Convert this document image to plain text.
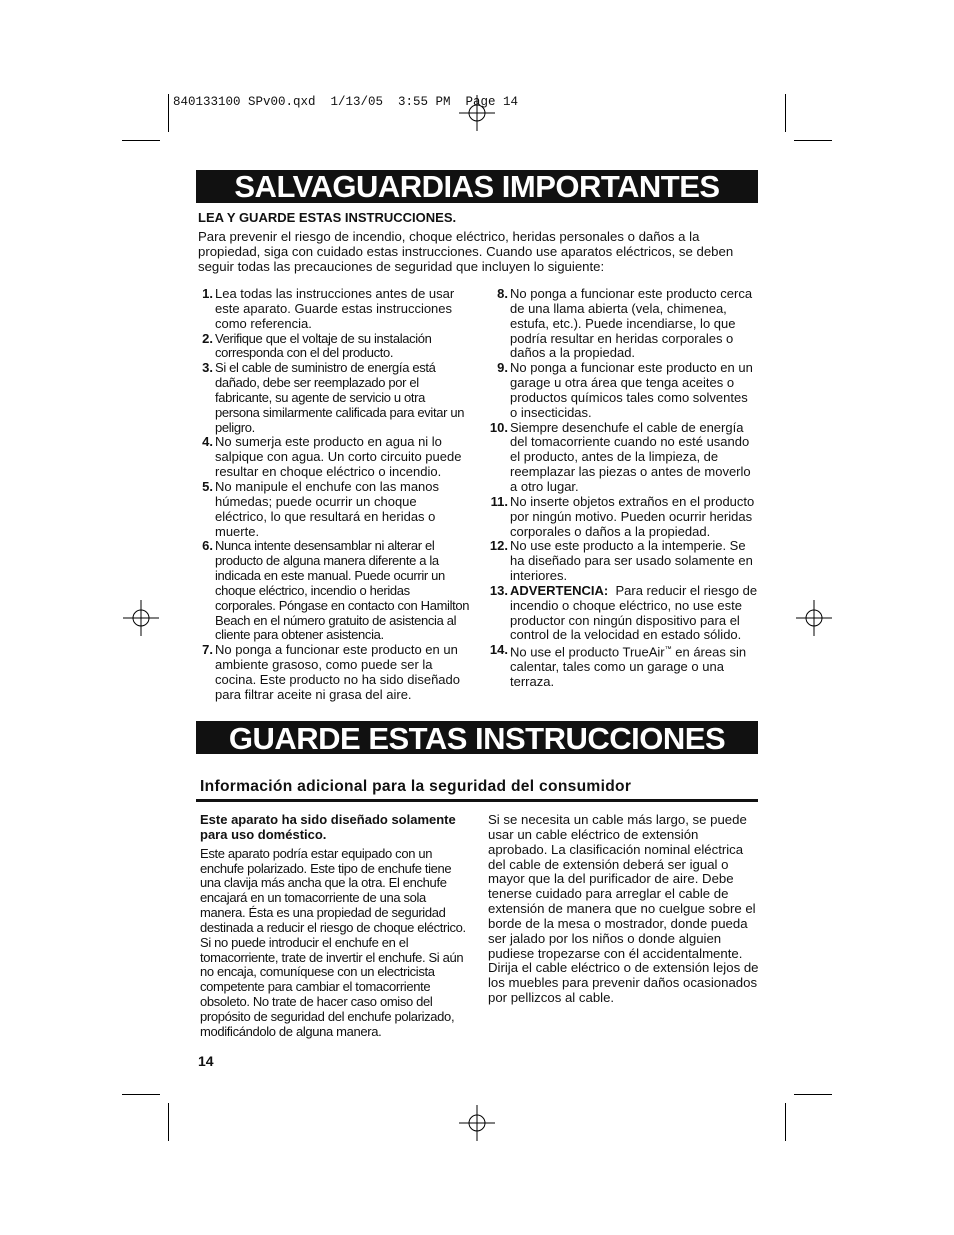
840133100 SPv00.qxd  1/13/05  3:55 PM  Page 14
SALVAGUARDIAS IMPORTANTES
LEA Y GUARDE ESTAS INSTRUCCIONES.
Para prevenir el riesgo de incendio, choque eléctrico, heridas personales o daños a la propiedad, siga con cuidado estas instrucciones. Cuando use aparatos eléctricos, se deben seguir todas las precauciones de seguridad que incluyen lo siguiente:
1. Lea todas las instrucciones antes de usar este aparato. Guarde estas instrucciones como referencia.
2. Verifique que el voltaje de su instalación corresponda con el del producto.
3. Si el cable de suministro de energía está dañado, debe ser reemplazado por el fabricante, su agente de servicio u otra persona similarmente calificada para evitar un peligro.
4. No sumerja este producto en agua ni lo salpique con agua. Un corto circuito puede resultar en choque eléctrico o incendio.
5. No manipule el enchufe con las manos húmedas; puede ocurrir un choque eléctrico, lo que resultará en heridas o muerte.
6. Nunca intente desensamblar ni alterar el producto de alguna manera diferente a la indicada en este manual. Puede ocurrir un choque eléctrico, incendio o heridas corporales. Póngase en contacto con Hamilton Beach en el número gratuito de asistencia al cliente para obtener asistencia.
7. No ponga a funcionar este producto en un ambiente grasoso, como puede ser la cocina. Este producto no ha sido diseñado para filtrar aceite ni grasa del aire.
8. No ponga a funcionar este producto cerca de una llama abierta (vela, chimenea, estufa, etc.). Puede incendiarse, lo que podría resultar en heridas corporales o daños a la propiedad.
9. No ponga a funcionar este producto en un garage u otra área que tenga aceites o productos químicos tales como solventes o insecticidas.
10. Siempre desenchufe el cable de energía del tomacorriente cuando no esté usando el producto, antes de la limpieza, de reemplazar las piezas o antes de moverlo a otro lugar.
11. No inserte objetos extraños en el producto por ningún motivo. Pueden ocurrir heridas corporales o daños a la propiedad.
12. No use este producto a la intemperie. Se ha diseñado para ser usado solamente en interiores.
13. ADVERTENCIA: Para reducir el riesgo de incendio o choque eléctrico, no use este productor con ningún dispositivo para el control de la velocidad en estado sólido.
14. No use el producto TrueAir™ en áreas sin calentar, tales como un garage o una terraza.
GUARDE ESTAS INSTRUCCIONES
Información adicional para la seguridad del consumidor
Este aparato ha sido diseñado solamente para uso doméstico.
Este aparato podría estar equipado con un enchufe polarizado. Este tipo de enchufe tiene una clavija más ancha que la otra. El enchufe encajará en un tomacorriente de una sola manera. Ésta es una propiedad de seguridad destinada a reducir el riesgo de choque eléctrico. Si no puede introducir el enchufe en el tomacorriente, trate de invertir el enchufe. Si aún no encaja, comuníquese con un electricista competente para cambiar el tomacorriente obsoleto. No trate de hacer caso omiso del propósito de seguridad del enchufe polarizado, modificándolo de alguna manera.
Si se necesita un cable más largo, se puede usar un cable eléctrico de extensión aprobado. La clasificación nominal eléctrica del cable de extensión deberá ser igual o mayor que la del purificador de aire. Debe tenerse cuidado para arreglar el cable de extensión de manera que no cuelgue sobre el borde de la mesa o mostrador, donde pueda ser jalado por los niños o donde alguien pudiese tropezarse con él accidentalmente. Dirija el cable eléctrico o de extensión lejos de los muebles para prevenir daños ocasionados por pellizcos al cable.
14
